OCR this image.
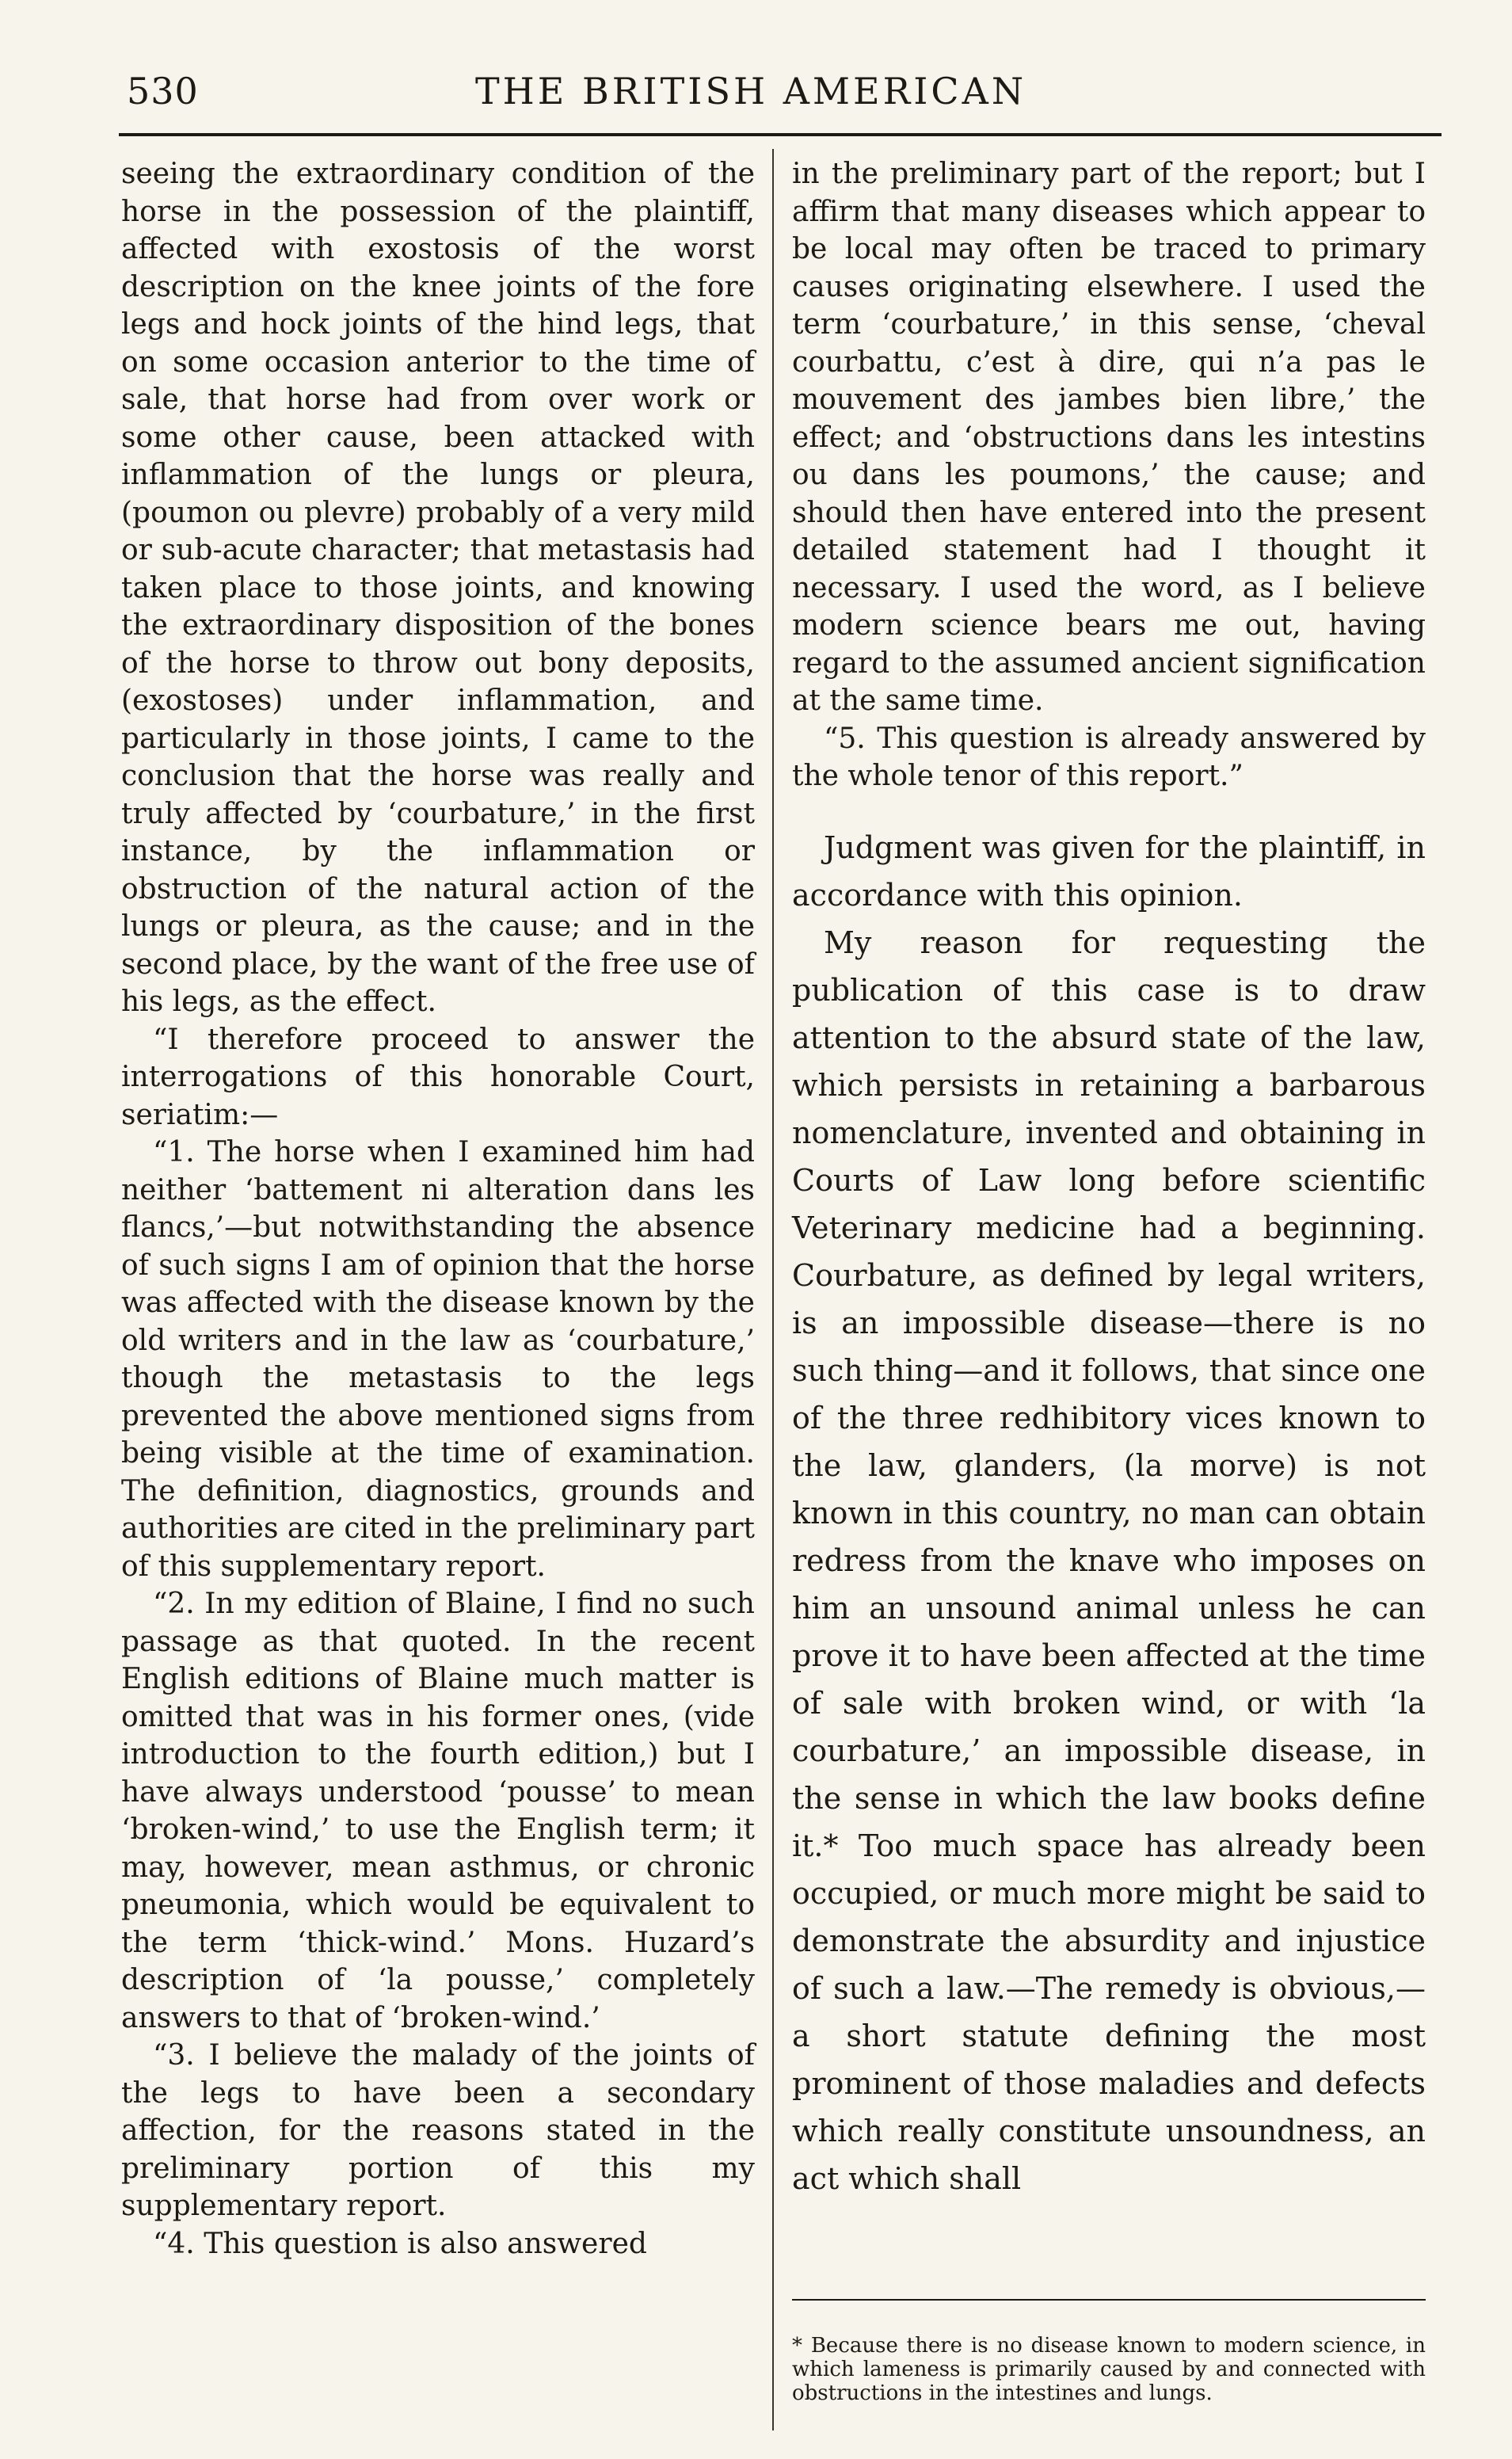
530	THE BRITISH AMERICAN

seeing the extraordinary condition of the horse in the possession of the plaintiff, affected with exostosis of the worst description on the knee joints of the fore legs and hock joints of the hind legs, that on some occasion anterior to the time of sale, that horse had from over work or some other cause, been attacked with inflammation of the lungs or pleura, (poumon ou plevre) probably of a very mild or sub-acute character; that metastasis had taken place to those joints, and knowing the extraordinary disposition of the bones of the horse to throw out bony deposits, (exostoses) under inflammation, and particularly in those joints, I came to the conclusion that the horse was really and truly affected by ‘courbature,’ in the first instance, by the inflammation or obstruction of the natural action of the lungs or pleura, as the cause; and in the second place, by the want of the free use of his legs, as the effect.

“I therefore proceed to answer the interrogations of this honorable Court, seriatim:—

“1. The horse when I examined him had neither ‘battement ni alteration dans les flancs,’—but notwithstanding the absence of such signs I am of opinion that the horse was affected with the disease known by the old writers and in the law as ‘courbature,’ though the metastasis to the legs prevented the above mentioned signs from being visible at the time of examination. The definition, diagnostics, grounds and authorities are cited in the preliminary part of this supplementary report.

“2. In my edition of Blaine, I find no such passage as that quoted. In the recent English editions of Blaine much matter is omitted that was in his former ones, (vide introduction to the fourth edition,) but I have always understood ‘pousse’ to mean ‘broken-wind,’ to use the English term; it may, however, mean asthmus, or chronic pneumonia, which would be equivalent to the term ‘thick-wind.’ Mons. Huzard’s description of ‘la pousse,’ completely answers to that of ‘broken-wind.’

“3. I believe the malady of the joints of the legs to have been a secondary affection, for the reasons stated in the preliminary portion of this my supplementary report.

“4. This question is also answered

in the preliminary part of the report; but I affirm that many diseases which appear to be local may often be traced to primary causes originating elsewhere. I used the term ‘courbature,’ in this sense, ‘cheval courbattu, c’est à dire, qui n’a pas le mouvement des jambes bien libre,’ the effect; and ‘obstructions dans les intestins ou dans les poumons,’ the cause; and should then have entered into the present detailed statement had I thought it necessary. I used the word, as I believe modern science bears me out, having regard to the assumed ancient signification at the same time.

“5. This question is already answered by the whole tenor of this report.”

Judgment was given for the plaintiff, in accordance with this opinion.

My reason for requesting the publication of this case is to draw attention to the absurd state of the law, which persists in retaining a barbarous nomenclature, invented and obtaining in Courts of Law long before scientific Veterinary medicine had a beginning. Courbature, as defined by legal writers, is an impossible disease—there is no such thing—and it follows, that since one of the three redhibitory vices known to the law, glanders, (la morve) is not known in this country, no man can obtain redress from the knave who imposes on him an unsound animal unless he can prove it to have been affected at the time of sale with broken wind, or with ‘la courbature,’ an impossible disease, in the sense in which the law books define it.* Too much space has already been occupied, or much more might be said to demonstrate the absurdity and injustice of such a law.—The remedy is obvious,—a short statute defining the most prominent of those maladies and defects which really constitute unsoundness, an act which shall

* Because there is no disease known to modern science, in which lameness is primarily caused by and connected with obstructions in the intestines and lungs.
